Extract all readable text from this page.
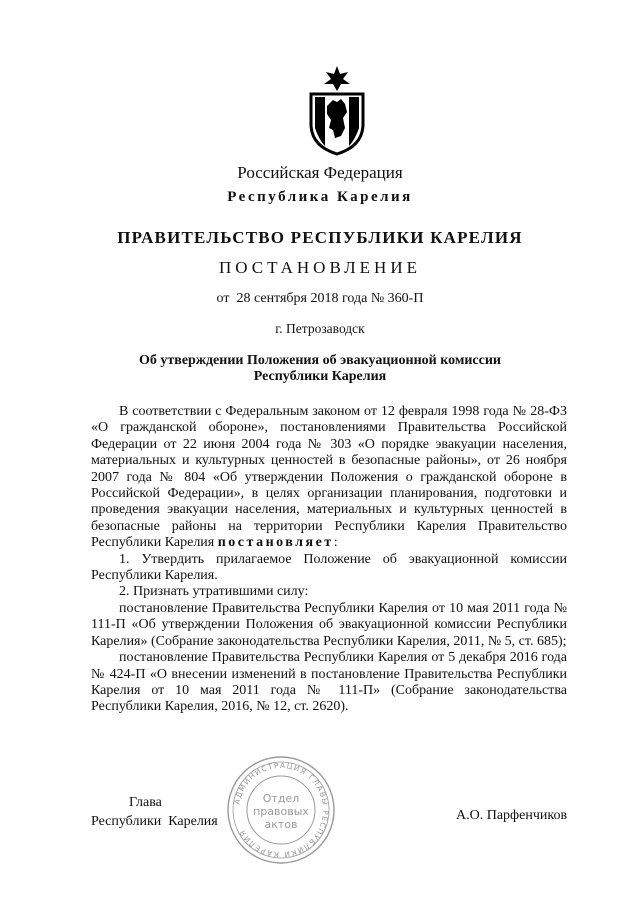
Российская Федерация
Республика Карелия
ПРАВИТЕЛЬСТВО РЕСПУБЛИКИ КАРЕЛИЯ
ПОСТАНОВЛЕНИЕ
от  28 сентября 2018 года № 360-П
г. Петрозаводск
Об утверждении Положения об эвакуационной комиссии
Республики Карелия

В соответствии с Федеральным законом от 12 февраля 1998 года № 28-ФЗ «О гражданской обороне», постановлениями Правительства Российской Федерации от 22 июня 2004 года № 303 «О порядке эвакуации населения, материальных и культурных ценностей в безопасные районы», от 26 ноября 2007 года № 804 «Об утверждении Положения о гражданской обороне в Российской Федерации», в целях организации планирования, подготовки и проведения эвакуации населения, материальных и культурных ценностей в безопасные районы на территории Республики Карелия Правительство Республики Карелия постановляет:

1. Утвердить прилагаемое Положение об эвакуационной комиссии Республики Карелия.

2. Признать утратившими силу:

постановление Правительства Республики Карелия от 10 мая 2011 года № 111-П «Об утверждении Положения об эвакуационной комиссии Республики Карелия» (Собрание законодательства Республики Карелия, 2011, № 5, ст. 685);

постановление Правительства Республики Карелия от 5 декабря 2016 года № 424-П «О внесении изменений в постановление Правительства Республики Карелия от 10 мая 2011 года № 111-П» (Собрание законодательства Республики Карелия, 2016, № 12, ст. 2620).

Глава
Республики  Карелия	А.О. Парфенчиков
АДМИНИСТРАЦИЯ ГЛАВЫ РЕСПУБЛИКИ КАРЕЛИЯ
Отдел
правовых
актов
